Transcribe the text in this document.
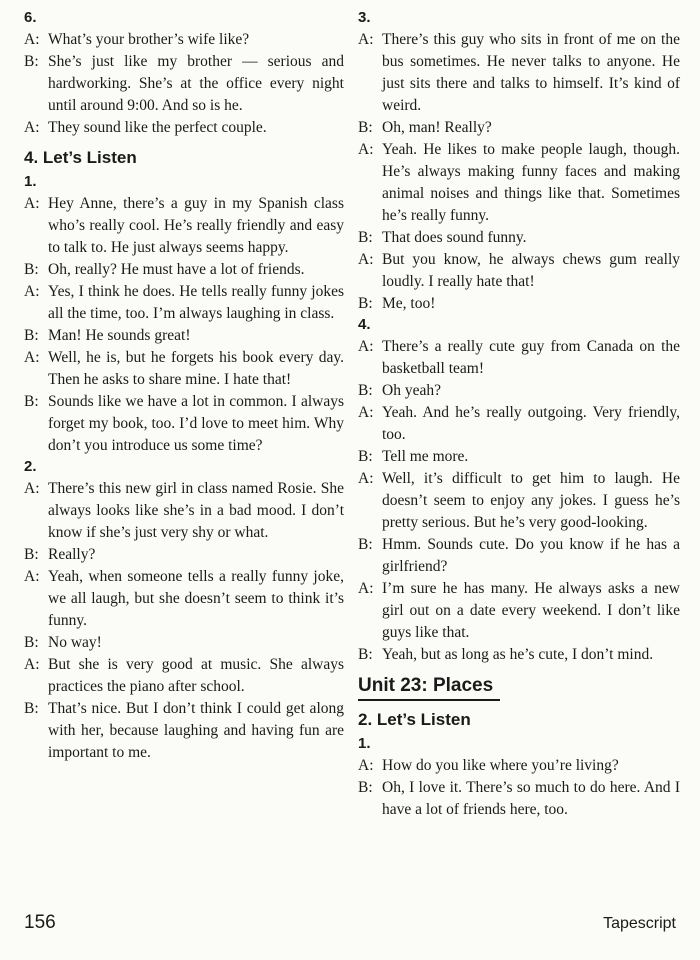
6.
A: What’s your brother’s wife like?
B: She’s just like my brother — serious and hardworking. She’s at the office every night until around 9:00. And so is he.
A: They sound like the perfect couple.
4. Let’s Listen
1.
A: Hey Anne, there’s a guy in my Spanish class who’s really cool. He’s really friendly and easy to talk to. He just always seems happy.
B: Oh, really? He must have a lot of friends.
A: Yes, I think he does. He tells really funny jokes all the time, too. I’m always laughing in class.
B: Man! He sounds great!
A: Well, he is, but he forgets his book every day. Then he asks to share mine. I hate that!
B: Sounds like we have a lot in common. I always forget my book, too. I’d love to meet him. Why don’t you introduce us some time?
2.
A: There’s this new girl in class named Rosie. She always looks like she’s in a bad mood. I don’t know if she’s just very shy or what.
B: Really?
A: Yeah, when someone tells a really funny joke, we all laugh, but she doesn’t seem to think it’s funny.
B: No way!
A: But she is very good at music. She always practices the piano after school.
B: That’s nice. But I don’t think I could get along with her, because laughing and having fun are important to me.
3.
A: There’s this guy who sits in front of me on the bus sometimes. He never talks to anyone. He just sits there and talks to himself. It’s kind of weird.
B: Oh, man! Really?
A: Yeah. He likes to make people laugh, though. He’s always making funny faces and making animal noises and things like that. Sometimes he’s really funny.
B: That does sound funny.
A: But you know, he always chews gum really loudly. I really hate that!
B: Me, too!
4.
A: There’s a really cute guy from Canada on the basketball team!
B: Oh yeah?
A: Yeah. And he’s really outgoing. Very friendly, too.
B: Tell me more.
A: Well, it’s difficult to get him to laugh. He doesn’t seem to enjoy any jokes. I guess he’s pretty serious. But he’s very good-looking.
B: Hmm. Sounds cute. Do you know if he has a girlfriend?
A: I’m sure he has many. He always asks a new girl out on a date every weekend. I don’t like guys like that.
B: Yeah, but as long as he’s cute, I don’t mind.
Unit 23: Places
2. Let’s Listen
1.
A: How do you like where you’re living?
B: Oh, I love it. There’s so much to do here. And I have a lot of friends here, too.
156	Tapescript
